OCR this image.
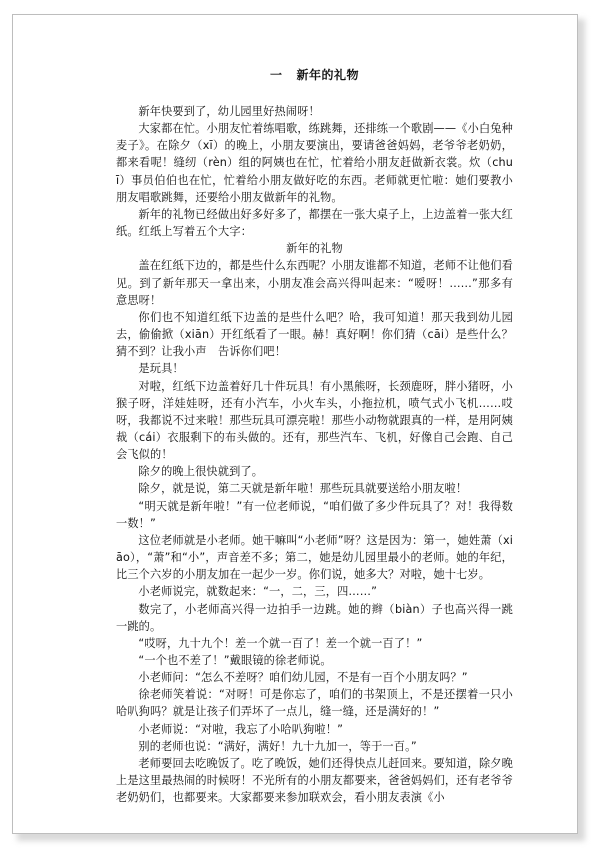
一 新年的礼物

新年快要到了，幼儿园里好热闹呀！

大家都在忙。小朋友忙着练唱歌，练跳舞，还排练一个歌剧——《小白兔种麦子》。在除夕（xī）的晚上，小朋友要演出，要请爸爸妈妈，老爷爷老奶奶，都来看呢！缝纫（rèn）组的阿姨也在忙，忙着给小朋友赶做新衣裳。炊（chuī）事员伯伯也在忙，忙着给小朋友做好吃的东西。老师就更忙啦：她们要教小朋友唱歌跳舞，还要给小朋友做新年的礼物。

新年的礼物已经做出好多好多了，都摆在一张大桌子上，上边盖着一张大红纸。红纸上写着五个大字：

新年的礼物

盖在红纸下边的，都是些什么东西呢？小朋友谁都不知道，老师不让他们看见。到了新年那天一拿出来，小朋友准会高兴得叫起来：“嗳呀！……”那多有意思呀！

你们也不知道红纸下边盖的是些什么吧？哈，我可知道！那天我到幼儿园去，偷偷掀（xiān）开红纸看了一眼。赫！真好啊！你们猜（cāi）是些什么？猜不到？让我小声　告诉你们吧！

是玩具！

对啦，红纸下边盖着好几十件玩具！有小黑熊呀，长颈鹿呀，胖小猪呀，小猴子呀，洋娃娃呀，还有小汽车，小火车头，小拖拉机，喷气式小飞机……哎呀，我都说不过来啦！那些玩具可漂亮啦！那些小动物就跟真的一样，是用阿姨裁（cái）衣服剩下的布头做的。还有，那些汽车、飞机，好像自己会跑、自己会飞似的！

除夕的晚上很快就到了。

除夕，就是说，第二天就是新年啦！那些玩具就要送给小朋友啦！

“明天就是新年啦！”有一位老师说，“咱们做了多少件玩具了？对！我得数一数！”

这位老师就是小老师。她干嘛叫“小老师”呀？这是因为：第一，她姓萧（xiāo），“萧”和“小”，声音差不多；第二，她是幼儿园里最小的老师。她的年纪，比三个六岁的小朋友加在一起少一岁。你们说，她多大？对啦，她十七岁。

小老师说完，就数起来：“一，二，三，四……”

数完了，小老师高兴得一边拍手一边跳。她的辫（biàn）子也高兴得一跳一跳的。

“哎呀，九十九个！差一个就一百了！差一个就一百了！”

“一个也不差了！”戴眼镜的徐老师说。

小老师问：“怎么不差呀？咱们幼儿园，不是有一百个小朋友吗？”

徐老师笑着说：“对呀！可是你忘了，咱们的书架顶上，不是还摆着一只小哈叭狗吗？就是让孩子们弄坏了一点儿，缝一缝，还是满好的！”

小老师说：“对啦，我忘了小哈叭狗啦！”

别的老师也说：“满好，满好！九十九加一，等于一百。”

老师要回去吃晚饭了。吃了晚饭，她们还得快点儿赶回来。要知道，除夕晚上是这里最热闹的时候呀！不光所有的小朋友都要来，爸爸妈妈们，还有老爷爷老奶奶们，也都要来。大家都要来参加联欢会，看小朋友表演《小
